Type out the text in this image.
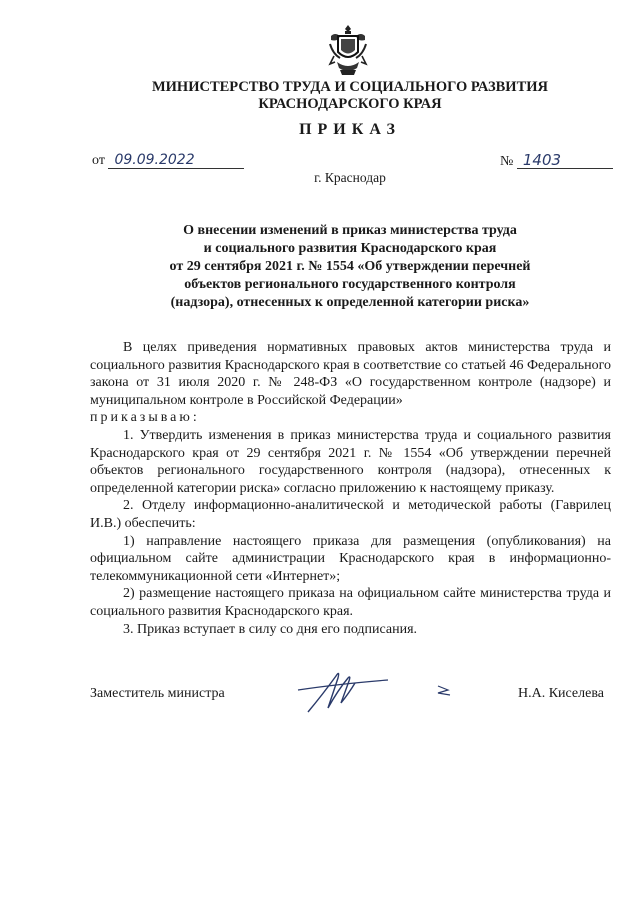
МИНИСТЕРСТВО ТРУДА И СОЦИАЛЬНОГО РАЗВИТИЯ
КРАСНОДАРСКОГО КРАЯ
ПРИКАЗ
от 09.09.2022	№ 1403
г. Краснодар
О внесении изменений в приказ министерства труда
и социального развития Краснодарского края
от 29 сентября 2021 г. № 1554 «Об утверждении перечней
объектов регионального государственного контроля
(надзора), отнесенных к определенной категории риска»

В целях приведения нормативных правовых актов министерства труда и социального развития Краснодарского края в соответствие со статьей 46 Федерального закона от 31 июля 2020 г. № 248-ФЗ «О государственном контроле (надзоре) и муниципальном контроле в Российской Федерации»

приказываю:

1. Утвердить изменения в приказ министерства труда и социального развития Краснодарского края от 29 сентября 2021 г. № 1554 «Об утверждении перечней объектов регионального государственного контроля (надзора), отнесенных к определенной категории риска» согласно приложению к настоящему приказу.

2. Отделу информационно-аналитической и методической работы (Гаврилец И.В.) обеспечить:

1) направление настоящего приказа для размещения (опубликования) на официальном сайте администрации Краснодарского края в информационно-телекоммуникационной сети «Интернет»;

2) размещение настоящего приказа на официальном сайте министерства труда и социального развития Краснодарского края.

3. Приказ вступает в силу со дня его подписания.

Заместитель министра	Н.А. Киселева
